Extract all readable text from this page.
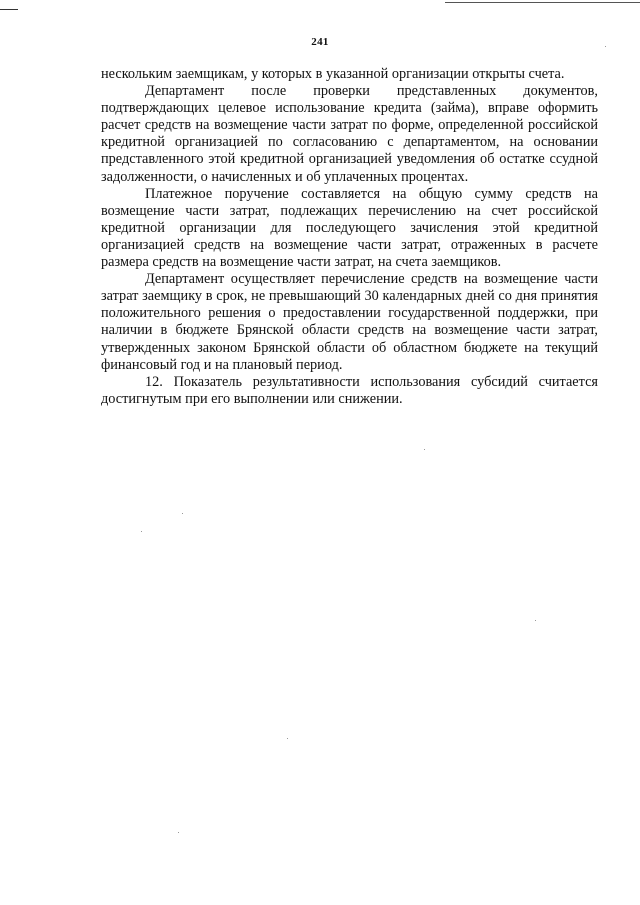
241

нескольким заемщикам, у которых в указанной организации открыты счета.

Департамент после проверки представленных документов, подтверждающих целевое использование кредита (займа), вправе оформить расчет средств на возмещение части затрат по форме, определенной российской кредитной организацией по согласованию с департаментом, на основании представленного этой кредитной организацией уведомления об остатке ссудной задолженности, о начисленных и об уплаченных процентах.

Платежное поручение составляется на общую сумму средств на возмещение части затрат, подлежащих перечислению на счет российской кредитной организации для последующего зачисления этой кредитной организацией средств на возмещение части затрат, отраженных в расчете размера средств на возмещение части затрат, на счета заемщиков.

Департамент осуществляет перечисление средств на возмещение части затрат заемщику в срок, не превышающий 30 календарных дней со дня принятия положительного решения о предоставлении государственной поддержки, при наличии в бюджете Брянской области средств на возмещение части затрат, утвержденных законом Брянской области об областном бюджете на текущий финансовый год и на плановый период.

12. Показатель результативности использования субсидий считается достигнутым при его выполнении или снижении.
